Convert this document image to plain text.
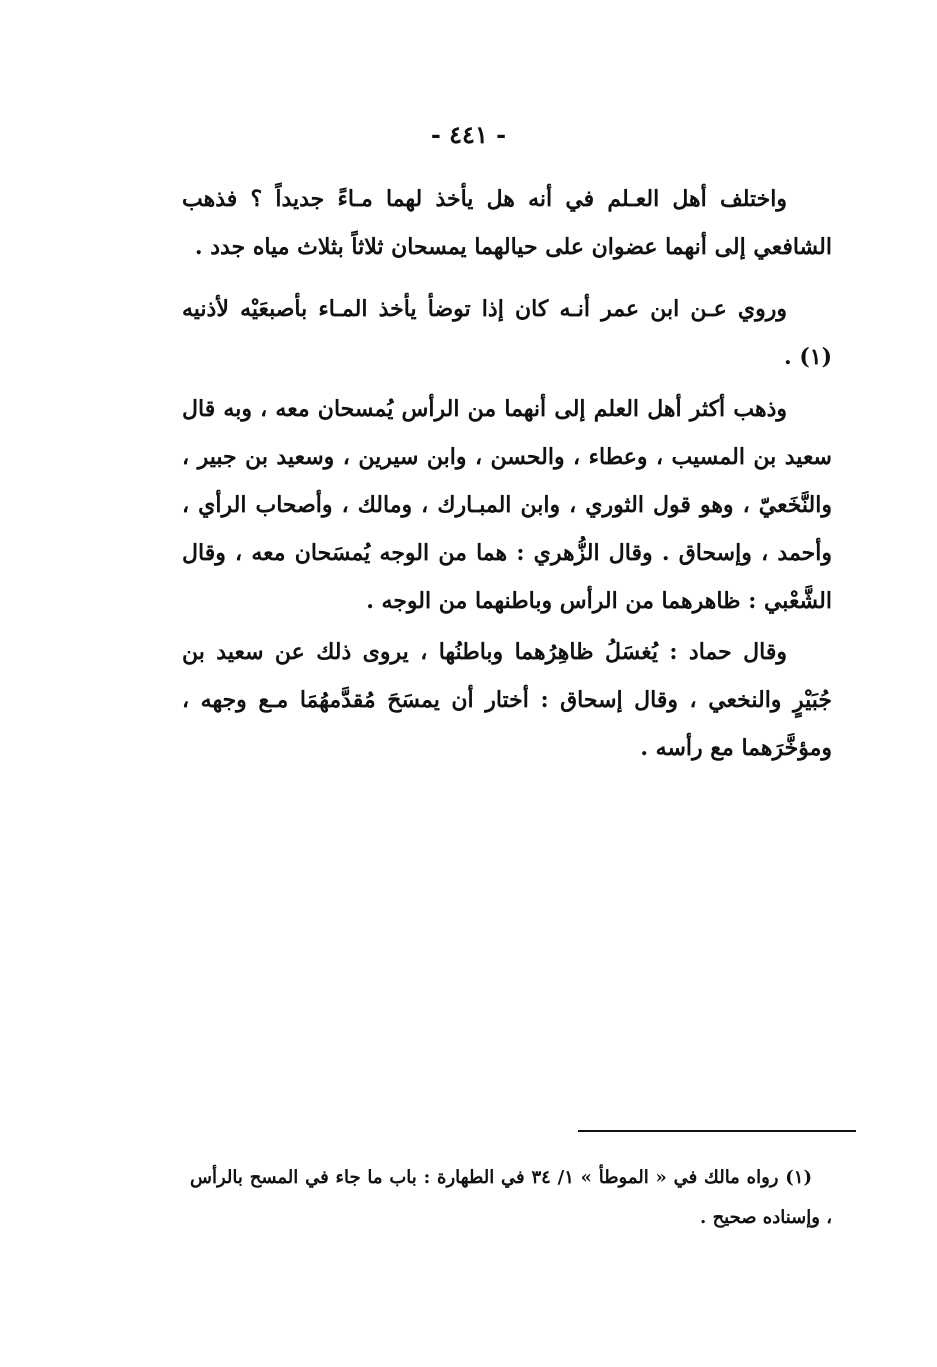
- ٤٤١ -

واختلف أهل العـلم في أنه هل يأخذ لهما مـاءً جديداً ؟ فذهب الشافعي إلى أنهما عضوان على حيالهما يمسحان ثلاثاً بثلاث مياه جدد .

وروي عـن ابن عمر أنـه كان إذا توضأ يأخذ المـاء بأصبعَيْه لأذنيه (١) .

وذهب أكثر أهل العلم إلى أنهما من الرأس يُمسحان معه ، وبه قال سعيد بن المسيب ، وعطاء ، والحسن ، وابن سيرين ، وسعيد بن جبير ، والنَّخَعيّ ، وهو قول الثوري ، وابن المبـارك ، ومالك ، وأصحاب الرأي ، وأحمد ، وإسحاق . وقال الزُّهري : هما من الوجه يُمسَحان معه ، وقال الشَّعْبي : ظاهرهما من الرأس وباطنهما من الوجه .

وقال حماد : يُغسَلُ ظاهِرُهما وباطنُها ، يروى ذلك عن سعيد بن جُبَيْرٍ والنخعي ، وقال إسحاق : أختار أن يمسَحَ مُقدَّمهُمَا مـع وجهه ، ومؤخَّرَهما مع رأسه .

(١) رواه مالك في « الموطأ » ١/ ٣٤ في الطهارة : باب ما جاء في المسح بالرأس ، وإسناده صحيح .
